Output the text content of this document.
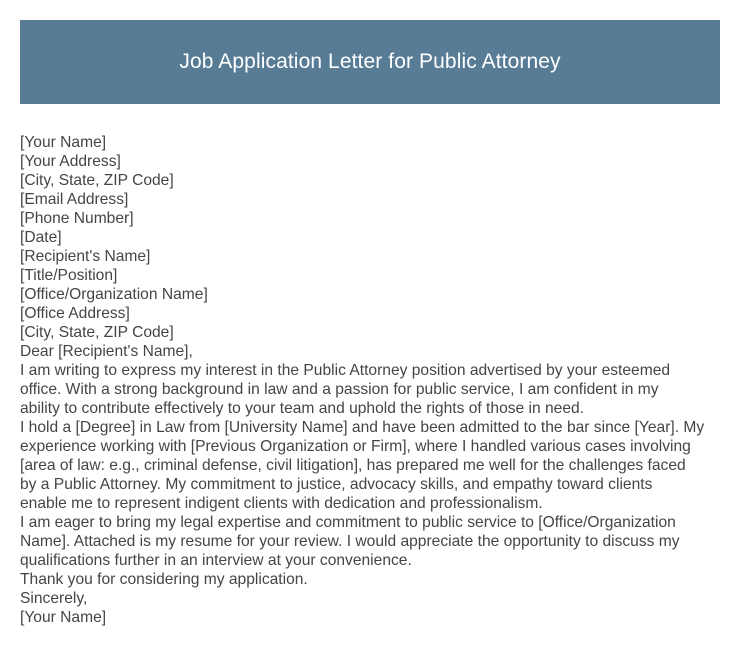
Job Application Letter for Public Attorney
[Your Name]
[Your Address]
[City, State, ZIP Code]
[Email Address]
[Phone Number]
[Date]
[Recipient's Name]
[Title/Position]
[Office/Organization Name]
[Office Address]
[City, State, ZIP Code]
Dear [Recipient's Name],
I am writing to express my interest in the Public Attorney position advertised by your esteemed
office. With a strong background in law and a passion for public service, I am confident in my
ability to contribute effectively to your team and uphold the rights of those in need.
I hold a [Degree] in Law from [University Name] and have been admitted to the bar since [Year]. My
experience working with [Previous Organization or Firm], where I handled various cases involving
[area of law: e.g., criminal defense, civil litigation], has prepared me well for the challenges faced
by a Public Attorney. My commitment to justice, advocacy skills, and empathy toward clients
enable me to represent indigent clients with dedication and professionalism.
I am eager to bring my legal expertise and commitment to public service to [Office/Organization
Name]. Attached is my resume for your review. I would appreciate the opportunity to discuss my
qualifications further in an interview at your convenience.
Thank you for considering my application.
Sincerely,
[Your Name]
